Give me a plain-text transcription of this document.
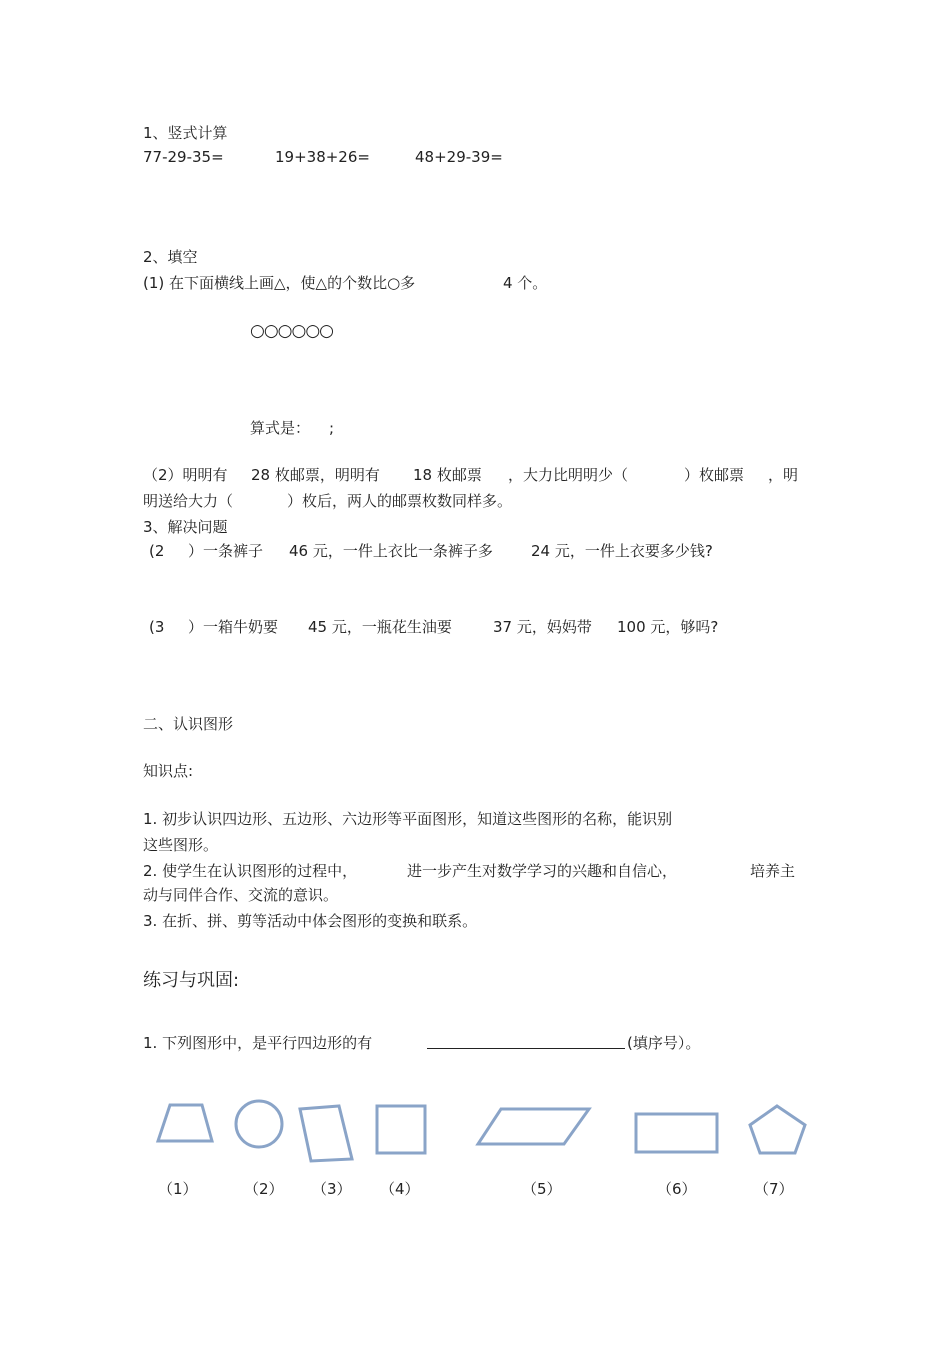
1、竖式计算
77-29-35=	19+38+26=	48+29-39=
2、填空
(1) 在下面横线上画△，使△的个数比○多	4 个。
○○○○○○
算式是： ;
（2）明明有 28 枚邮票，明明有 18 枚邮票 ，大力比明明少（	）枚邮票 ，明
明送给大力（	）枚后，两人的邮票枚数同样多。
3、解决问题
(2 ）一条裤子 46 元，一件上衣比一条裤子多	24 元，一件上衣要多少钱?
(3 ）一箱牛奶要 45 元，一瓶花生油要	37 元，妈妈带 100 元，够吗?
二、认识图形
知识点:
1. 初步认识四边形、五边形、六边形等平面图形，知道这些图形的名称，能识别
这些图形。
2. 使学生在认识图形的过程中，	进一步产生对数学学习的兴趣和自信心，	培养主
动与同伴合作、交流的意识。
3. 在折、拼、剪等活动中体会图形的变换和联系。
练习与巩固:
1. 下列图形中，是平行四边形的有	(填序号）。
（1）	（2） （3） （4）	（5）	（6）	（7）
